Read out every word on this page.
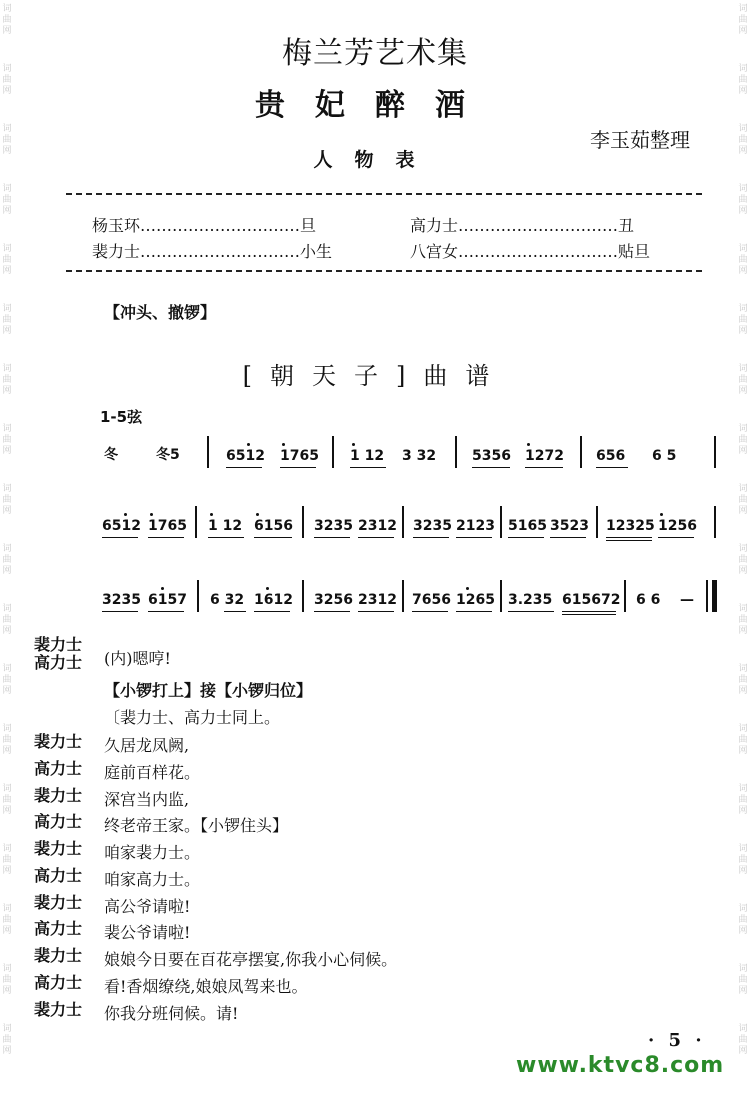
词曲网
词曲网
词曲网
词曲网
词曲网
词曲网
词曲网
词曲网
词曲网
词曲网
词曲网
词曲网
词曲网
词曲网
词曲网
词曲网
词曲网
词曲网
词曲网
词曲网
词曲网
词曲网
词曲网
词曲网
词曲网
词曲网
词曲网
词曲网
词曲网
词曲网
词曲网
词曲网
词曲网
词曲网
词曲网
词曲网
梅兰芳艺术集
贵妃醉酒
李玉茹整理
人物表
杨玉环…………………………旦	高力士…………………………丑
裴力士…………………………小生	八宫女…………………………贴旦
【冲头、撤锣】
[朝天子]曲谱
1-5弦
冬	冬5	6512 1765 1 12 3 32	5356 1272 656 6 5
6512 1765 1 12 6156 3235 2312 3235 2123 5165 3523 12325 1256
3235 6157 6 32 1612 3256 2312 7656 1265 3.235 615672 6 6 —
裴力士
高力士 (内)嗯哼!
【小锣打上】接【小锣归位】
〔裴力士、高力士同上。
裴力士 久居龙凤阙,
高力士 庭前百样花。
裴力士 深宫当内监,
高力士 终老帝王家。【小锣住头】
裴力士 咱家裴力士。
高力士 咱家高力士。
裴力士 高公爷请啦!
高力士 裴公爷请啦!
裴力士 娘娘今日要在百花亭摆宴,你我小心伺候。
高力士 看!香烟缭绕,娘娘凤驾来也。
裴力士 你我分班伺候。请!
· 5 ·
www.ktvc8.com
